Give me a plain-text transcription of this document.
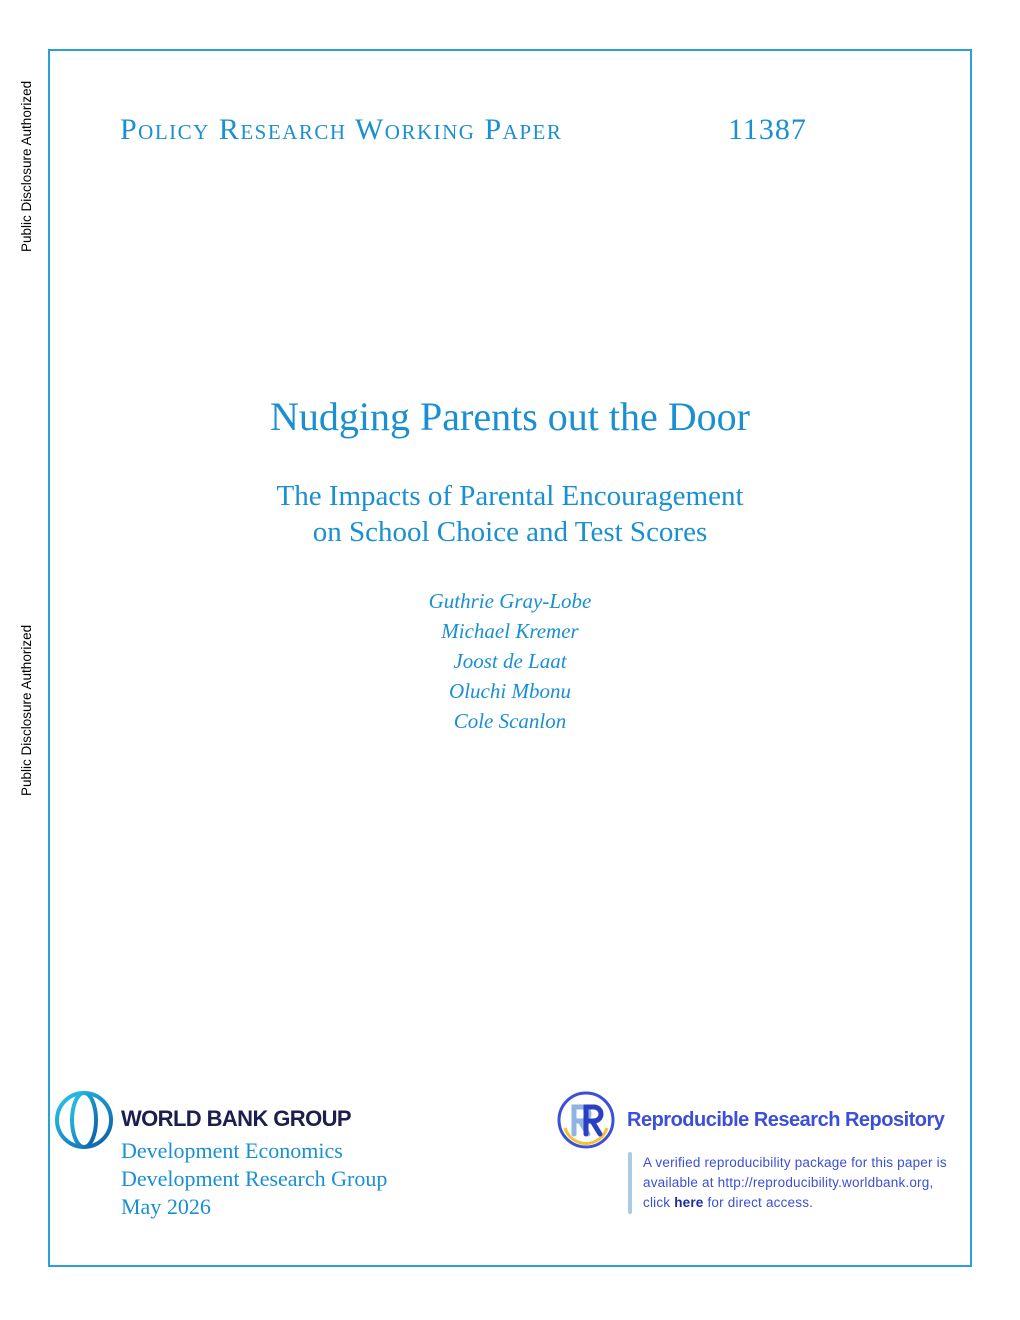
Public Disclosure Authorized
Public Disclosure Authorized
Policy Research Working Paper	11387
Nudging Parents out the Door
The Impacts of Parental Encouragement
on School Choice and Test Scores
Guthrie Gray-Lobe
Michael Kremer
Joost de Laat
Oluchi Mbonu
Cole Scanlon
WORLD BANK GROUP
Development Economics
Development Research Group
May 2026
Reproducible Research Repository
A verified reproducibility package for this paper is
available at http://reproducibility.worldbank.org,
click here for direct access.
